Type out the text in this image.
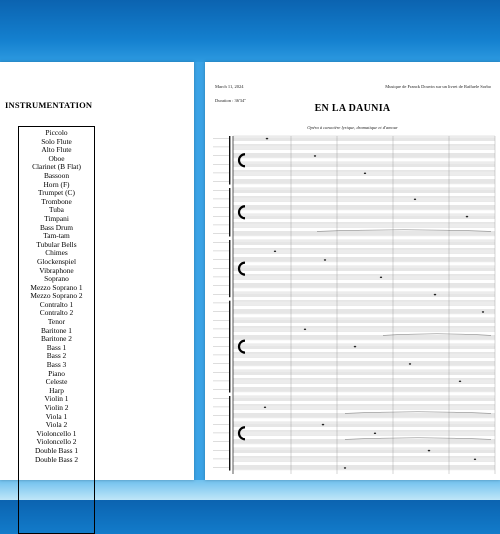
INSTRUMENTATION
Piccolo
Solo Flute
Alto Flute
Oboe
Clarinet (B Flat)
Bassoon
Horn (F)
Trumpet (C)
Trombone
Tuba
Timpani
Bass Drum
Tam-tam
Tubular Bells
Chimes
Glockenspiel
Vibraphone
Soprano
Mezzo Soprano 1
Mezzo Soprano 2
Contralto 1
Contralto 2
Tenor
Baritone 1
Baritone 2
Bass 1
Bass 2
Bass 3
Piano
Celeste
Harp
Violin 1
Violin 2
Viola 1
Viola 2
Violoncello 1
Violoncello 2
Double Bass 1
Double Bass 2
March 11, 2024	Musique de Franck Douvin sur un livret de Raffaele Sorbo
Duration : 36'34"
EN LA DAUNIA
Opéra à caractère lyrique, dramatique et d'amour
